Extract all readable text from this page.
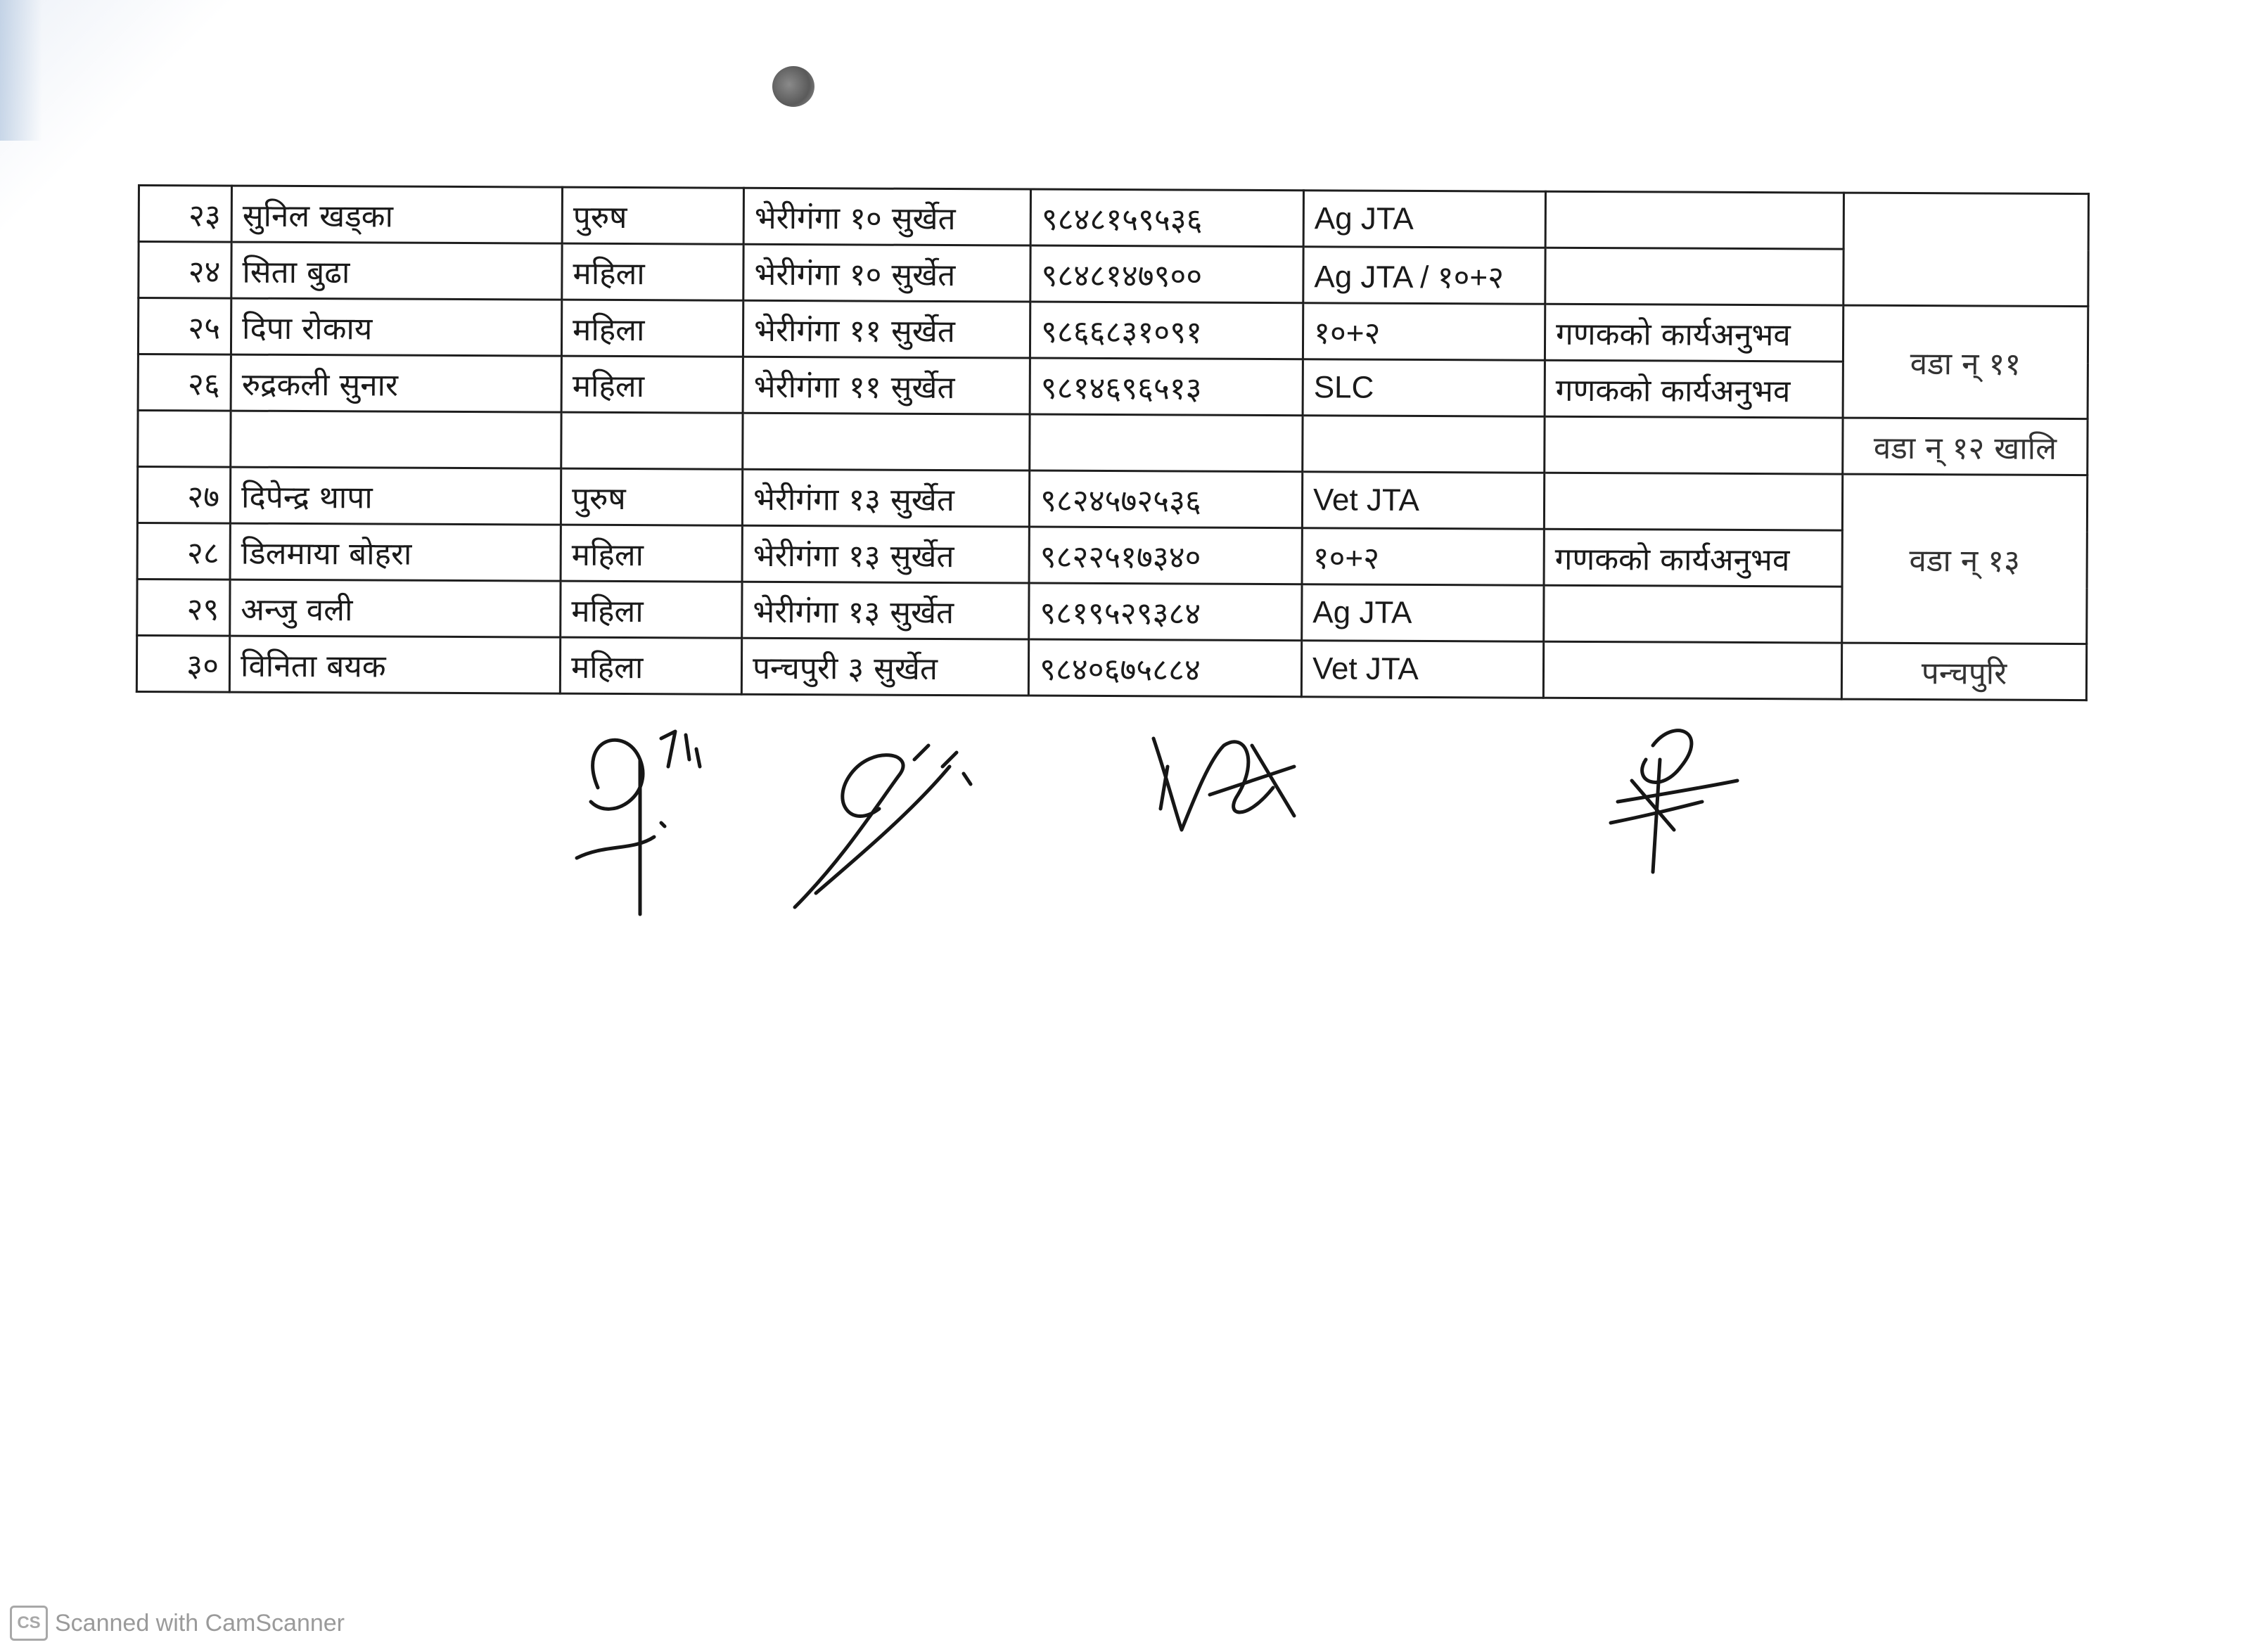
२३	सुनिल खड्का	पुरुष	भेरीगंगा १० सुर्खेत	९८४८१५९५३६	Ag JTA		
२४	सिता बुढा	महिला	भेरीगंगा १० सुर्खेत	९८४८१४७९००	Ag JTA / १०+२		
२५	दिपा रोकाय	महिला	भेरीगंगा ११ सुर्खेत	९८६६८३१०९१	१०+२	गणकको कार्यअनुभव	वडा न् ११
२६	रुद्रकली सुनार	महिला	भेरीगंगा ११ सुर्खेत	९८१४६९६५१३	SLC	गणकको कार्यअनुभव	
							वडा न् १२ खालि
२७	दिपेन्द्र थापा	पुरुष	भेरीगंगा १३ सुर्खेत	९८२४५७२५३६	Vet JTA		वडा न् १३
२८	डिलमाया बोहरा	महिला	भेरीगंगा १३ सुर्खेत	९८२२५१७३४०	१०+२	गणकको कार्यअनुभव	
२९	अन्जु वली	महिला	भेरीगंगा १३ सुर्खेत	९८१९५२९३८४	Ag JTA		
३०	विनिता बयक	महिला	पन्चपुरी ३ सुर्खेत	९८४०६७५८८४	Vet JTA		पन्चपुरि
CS Scanned with CamScanner
